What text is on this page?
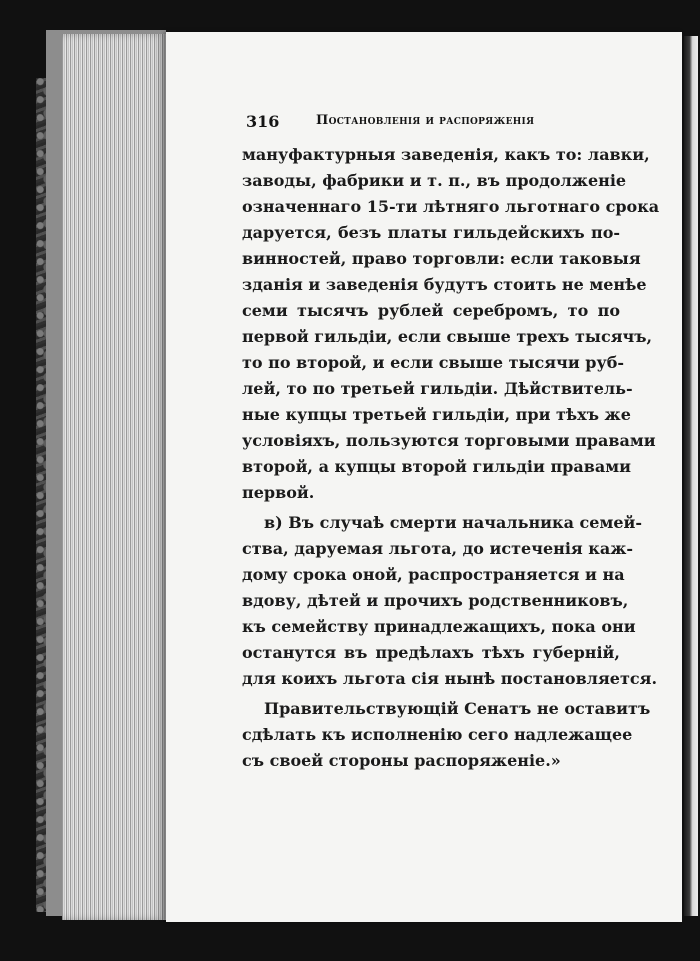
316	Постановленія и распоряженія
мануфактурныя заведенія, какъ то: лавки,
заводы, фабрики и т. п., въ продолженіе
означеннаго 15-ти лѣтняго льготнаго срока
даруется, безъ платы гильдейскихъ по-
винностей, право торговли: если таковыя
зданія и заведенія будутъ стоить не менѣе
семи тысячъ рублей серебромъ, то по
первой гильдіи, если свыше трехъ тысячъ,
то по второй, и если свыше тысячи руб-
лей, то по третьей гильдіи. Дѣйствитель-
ные купцы третьей гильдіи, при тѣхъ же
условіяхъ, пользуются торговыми правами
второй, а купцы второй гильдіи правами
первой.
в) Въ случаѣ смерти начальника семей-
ства, даруемая льгота, до истеченія каж-
дому срока оной, распространяется и на
вдову, дѣтей и прочихъ родственниковъ,
къ семейству принадлежащихъ, пока они
останутся въ предѣлахъ тѣхъ губерній,
для коихъ льгота сія нынѣ постановляется.
Правительствующій Сенатъ не оставитъ
сдѣлать къ исполненію сего надлежащее
съ своей стороны распоряженіе.»
